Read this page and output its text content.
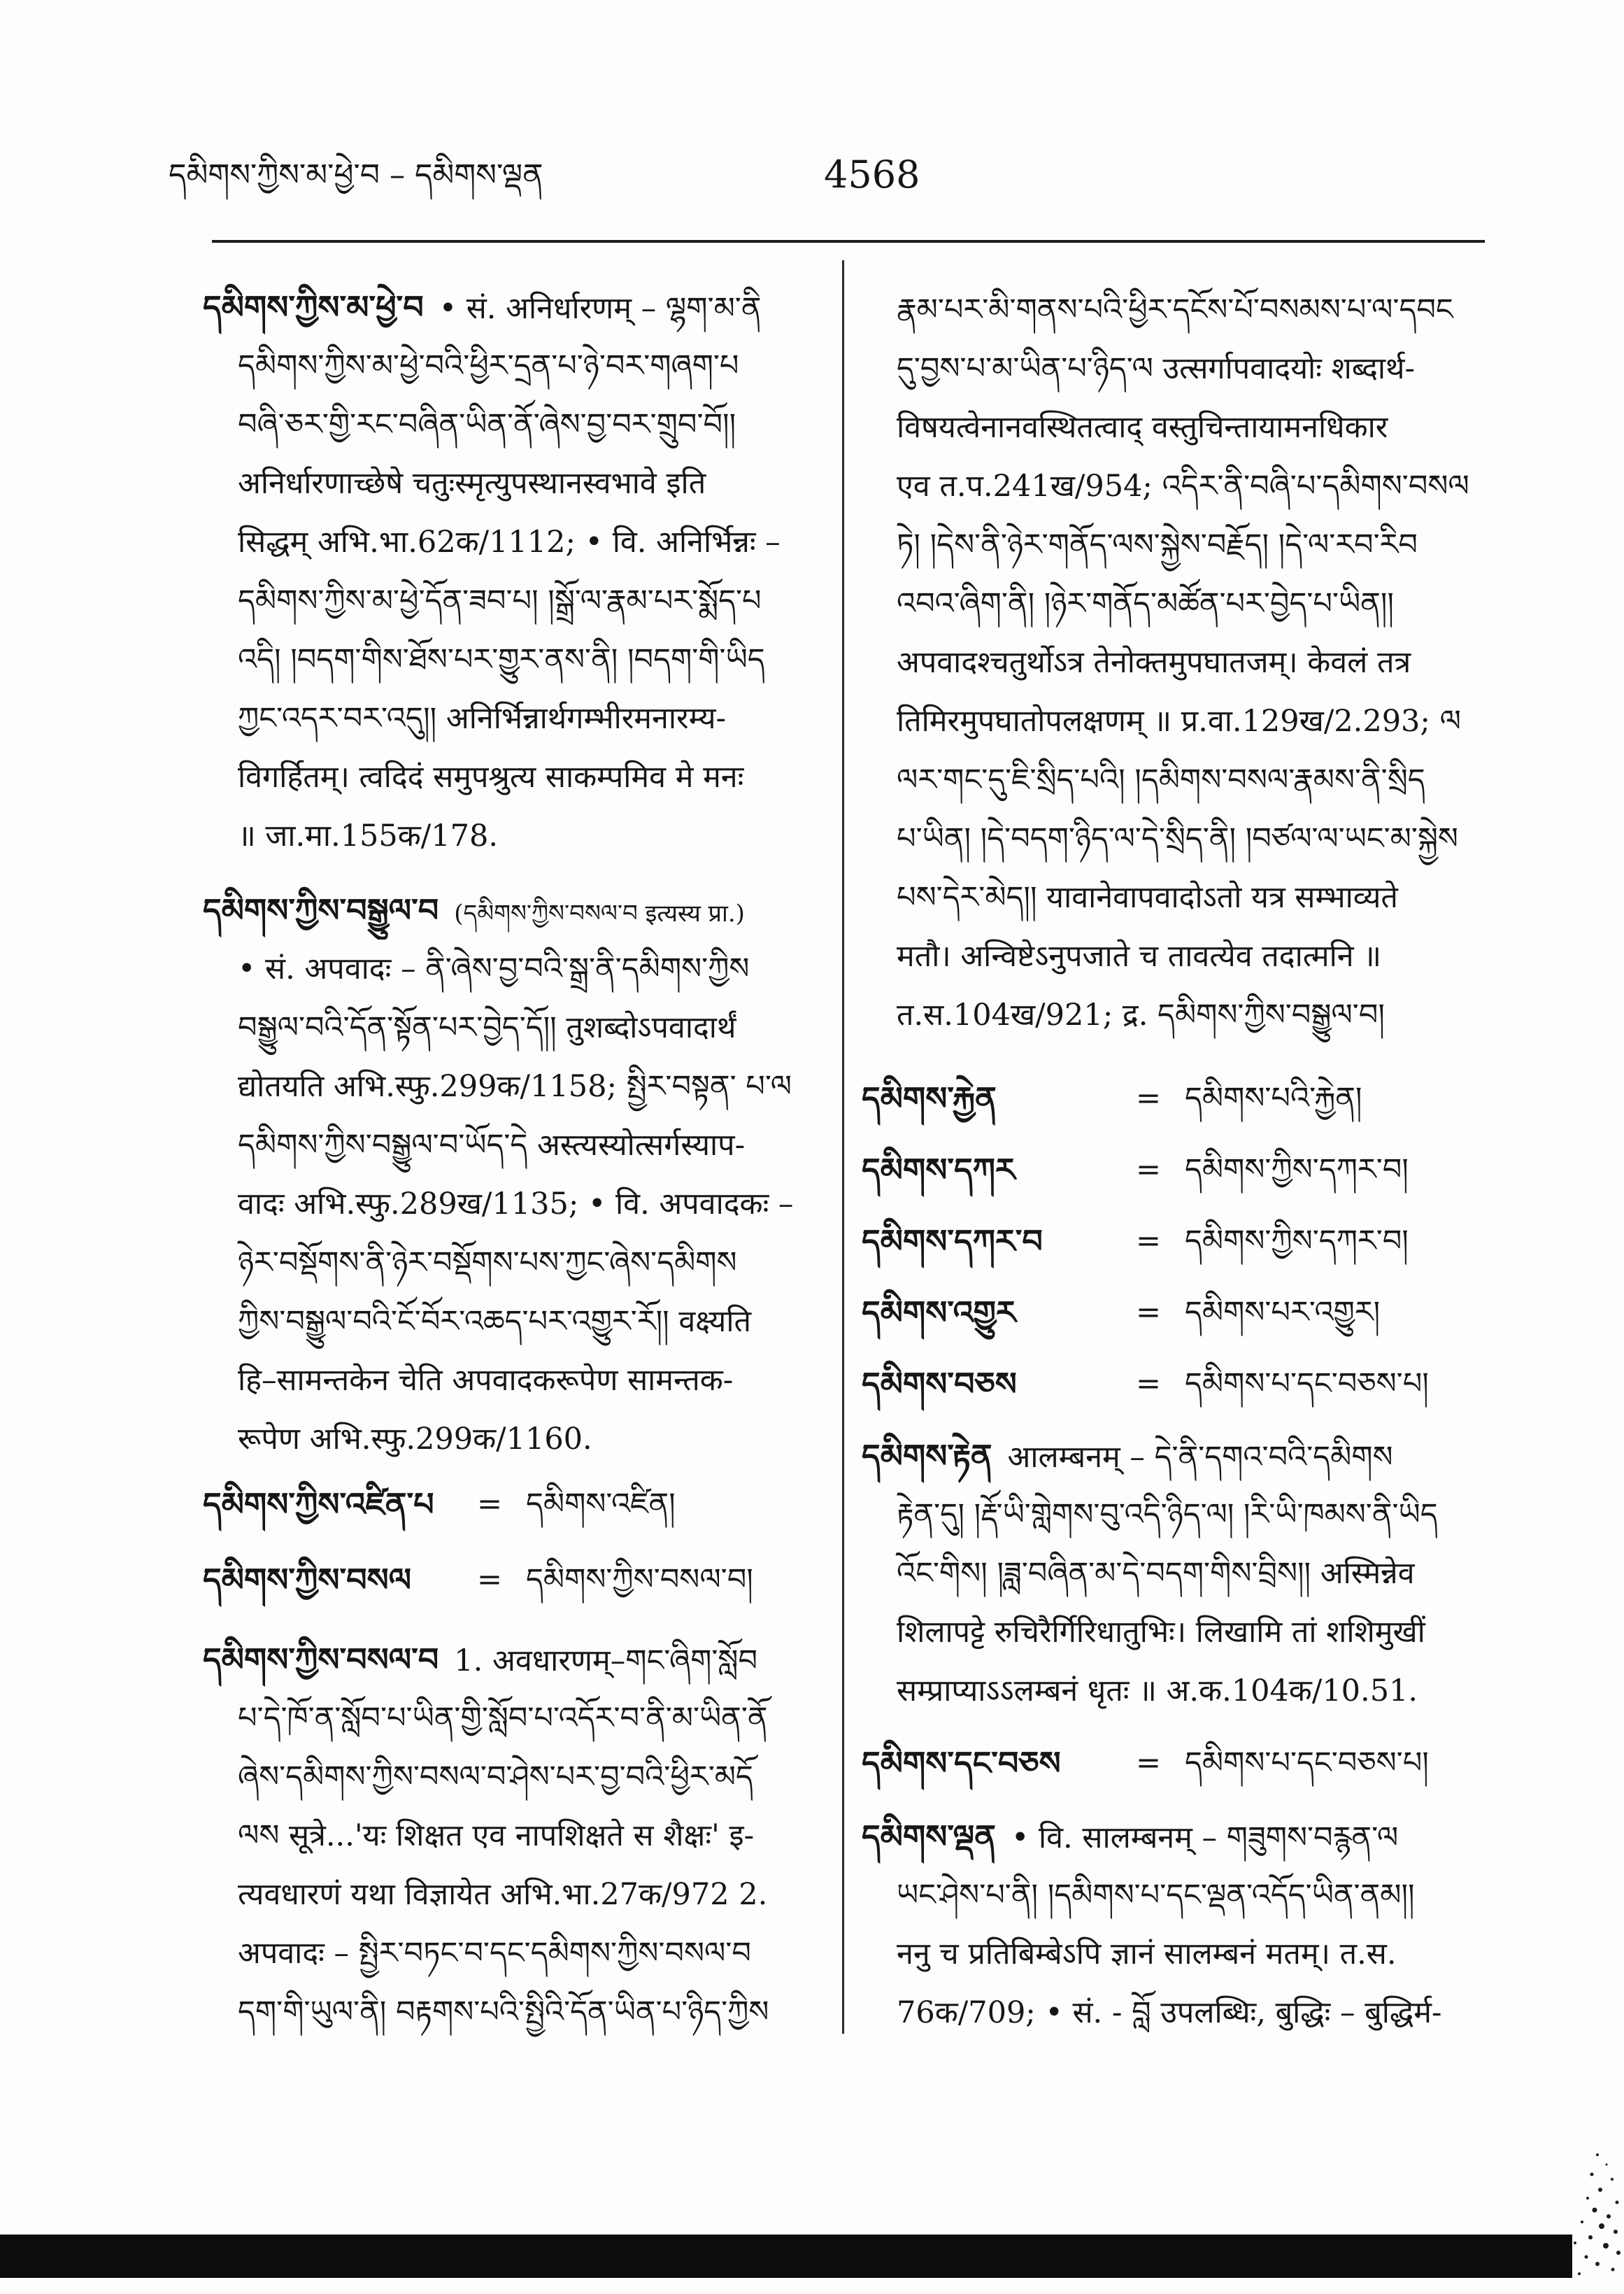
དམིགས་ཀྱིས་མ་ཕྱེ་བ – དམིགས་ལྡན	4568
དམིགས་ཀྱིས་མ་ཕྱེ་བ • सं. अनिर्धारणम् – ལྷག་མ་ནི
དམིགས་ཀྱིས་མ་ཕྱེ་བའི་ཕྱིར་དྲན་པ་ཉེ་བར་གཞག་པ
བཞི་ཅར་གྱི་རང་བཞིན་ཡིན་ནོ་ཞེས་བྱ་བར་གྲུབ་བོ།།
अनिर्धारणाच्छेषे चतुःस्मृत्युपस्थानस्वभावे इति
सिद्धम् अभि.भा.62क/1112; • वि. अनिर्भिन्नः –
དམིགས་ཀྱིས་མ་ཕྱེ་དོན་ཟབ་པ། །སྒྲོ་ལ་རྣམ་པར་སྨོད་པ
འདི། །བདག་གིས་ཐོས་པར་གྱུར་ནས་ནི། །བདག་གི་ཡིད
ཀྱང་འདར་བར་འདུ།། अनिर्भिन्नार्थगम्भीरमनारम्य-
विगर्हितम्। त्वदिदं समुपश्रुत्य साकम्पमिव मे मनः
॥ जा.मा.155क/178.
དམིགས་ཀྱིས་བསྒྱུལ་བ (དམིགས་ཀྱིས་བསལ་བ इत्यस्य प्रा.)
• सं. अपवादः – ནི་ཞེས་བྱ་བའི་སྒྲ་ནི་དམིགས་ཀྱིས
བསྒྱུལ་བའི་དོན་སྟོན་པར་བྱེད་དོ།། तुशब्दोऽपवादार्थं
द्योतयति अभि.स्फु.299क/1158; སྤྱིར་བསྟན་ པ་ལ
དམིགས་ཀྱིས་བསྒྱུལ་བ་ཡོད་དེ अस्त्यस्योत्सर्गस्याप-
वादः अभि.स्फु.289ख/1135; • वि. अपवादकः –
ཉེར་བསྡོགས་ནི་ཉེར་བསྡོགས་པས་ཀྱང་ཞེས་དམིགས
ཀྱིས་བསྒྱུལ་བའི་ངོ་བོར་འཆད་པར་འགྱུར་རོ།། वक्ष्यति
हि–सामन्तकेन चेति अपवादकरूपेण सामन्तक-
रूपेण अभि.स्फु.299क/1160.
དམིགས་ཀྱིས་འཛིན་པ = དམིགས་འཛིན།
དམིགས་ཀྱིས་བསལ = དམིགས་ཀྱིས་བསལ་བ།
དམིགས་ཀྱིས་བསལ་བ 1. अवधारणम्–གང་ཞིག་སློབ
པ་དེ་ཁོ་ན་སློབ་པ་ཡིན་གྱི་སློབ་པ་འདོར་བ་ནི་མ་ཡིན་ནོ
ཞེས་དམིགས་ཀྱིས་བསལ་བ་ཤེས་པར་བྱ་བའི་ཕྱིར་མདོ
ལས सूत्रे...'यः शिक्षत एव नापशिक्षते स शैक्षः' इ-
त्यवधारणं यथा विज्ञायेत अभि.भा.27क/972 2.
अपवादः – སྤྱིར་བཏང་བ་དང་དམིགས་ཀྱིས་བསལ་བ
དག་གི་ཡུལ་ནི། བརྟགས་པའི་སྤྱིའི་དོན་ཡིན་པ་ཉིད་ཀྱིས
རྣམ་པར་མི་གནས་པའི་ཕྱིར་དངོས་པོ་བསམས་པ་ལ་དབང
དུ་བྱས་པ་མ་ཡིན་པ་ཉིད་ལ उत्सर्गापवादयोः शब्दार्थ-
विषयत्वेनानवस्थितत्वाद् वस्तुचिन्तायामनधिकार
एव त.प.241ख/954; འདིར་ནི་བཞི་པ་དམིགས་བསལ
ཏེ། །དེས་ནི་ཉེར་གནོད་ལས་སྐྱེས་བརྗོད། །དེ་ལ་རབ་རིབ
འབའ་ཞིག་ནི། །ཉེར་གནོད་མཚོན་པར་བྱེད་པ་ཡིན།།
अपवादश्चतुर्थोऽत्र तेनोक्तमुपघातजम्। केवलं तत्र
तिमिरमुपघातोपलक्षणम् ॥ प्र.वा.129ख/2.293; ལ
ལར་གང་དུ་ཇི་སྲིད་པའི། །དམིགས་བསལ་རྣམས་ནི་སྲིད
པ་ཡིན། །དེ་བདག་ཉིད་ལ་དེ་སྲིད་ནི། །བཙལ་ལ་ཡང་མ་སྐྱེས
པས་དེར་མེད།། यावानेवापवादोऽतो यत्र सम्भाव्यते
मतौ। अन्विष्टेऽनुपजाते च तावत्येव तदात्मनि ॥
त.स.104ख/921; द्र. དམིགས་ཀྱིས་བསྒྱུལ་བ།
དམིགས་རྐྱེན	= དམིགས་པའི་རྐྱེན།
དམིགས་དཀར	= དམིགས་ཀྱིས་དཀར་བ།
དམིགས་དཀར་བ	= དམིགས་ཀྱིས་དཀར་བ།
དམིགས་འགྱུར	= དམིགས་པར་འགྱུར།
དམིགས་བཅས	= དམིགས་པ་དང་བཅས་པ།
དམིགས་རྟེན आलम्बनम् – དེ་ནི་དགའ་བའི་དམིགས
རྟེན་དུ། །རྡོ་ཡི་གླེགས་བུ་འདི་ཉིད་ལ། །རི་ཡི་ཁམས་ནི་ཡིད
འོང་གིས། །ཟླ་བཞིན་མ་དེ་བདག་གིས་བྲིས།། अस्मिन्नेव
शिलापट्टे रुचिरैर्गिरिधातुभिः। लिखामि तां शशिमुखीं
सम्प्राप्याऽऽलम्बनं धृतः ॥ अ.क.104क/10.51.
དམིགས་དང་བཅས = དམིགས་པ་དང་བཅས་པ།
དམིགས་ལྡན • वि. सालम्बनम् – གཟུགས་བརྙན་ལ
ཡང་ཤེས་པ་ནི། །དམིགས་པ་དང་ལྡན་འདོད་ཡིན་ནམ།།
ननु च प्रतिबिम्बेऽपि ज्ञानं सालम्बनं मतम्। त.स.
76क/709; • सं. - བློ उपलब्धिः, बुद्धिः – बुद्धिर्म-
